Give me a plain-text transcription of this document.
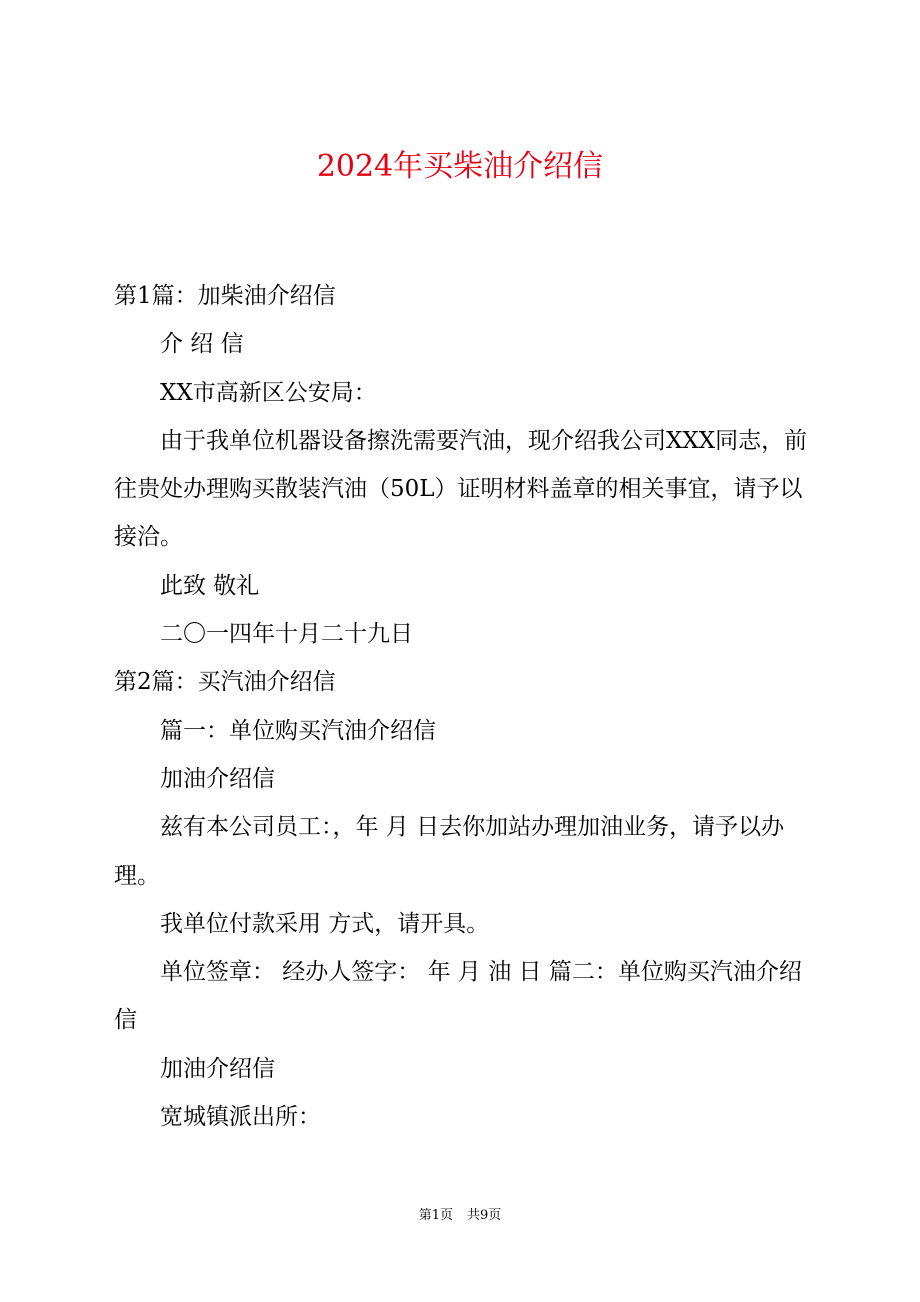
2024年买柴油介绍信

第1篇：加柴油介绍信

介 绍 信

XX市高新区公安局：

由于我单位机器设备擦洗需要汽油，现介绍我公司XXX同志，前往贵处办理购买散装汽油（50L）证明材料盖章的相关事宜，请予以接洽。

此致 敬礼

二〇一四年十月二十九日

第2篇：买汽油介绍信

篇一：单位购买汽油介绍信

加油介绍信

兹有本公司员工：，年 月 日去你加站办理加油业务，请予以办理。

我单位付款采用 方式，请开具。

单位签章： 经办人签字： 年 月 油 日 篇二：单位购买汽油介绍信

加油介绍信

宽城镇派出所：

第1页 共9页
